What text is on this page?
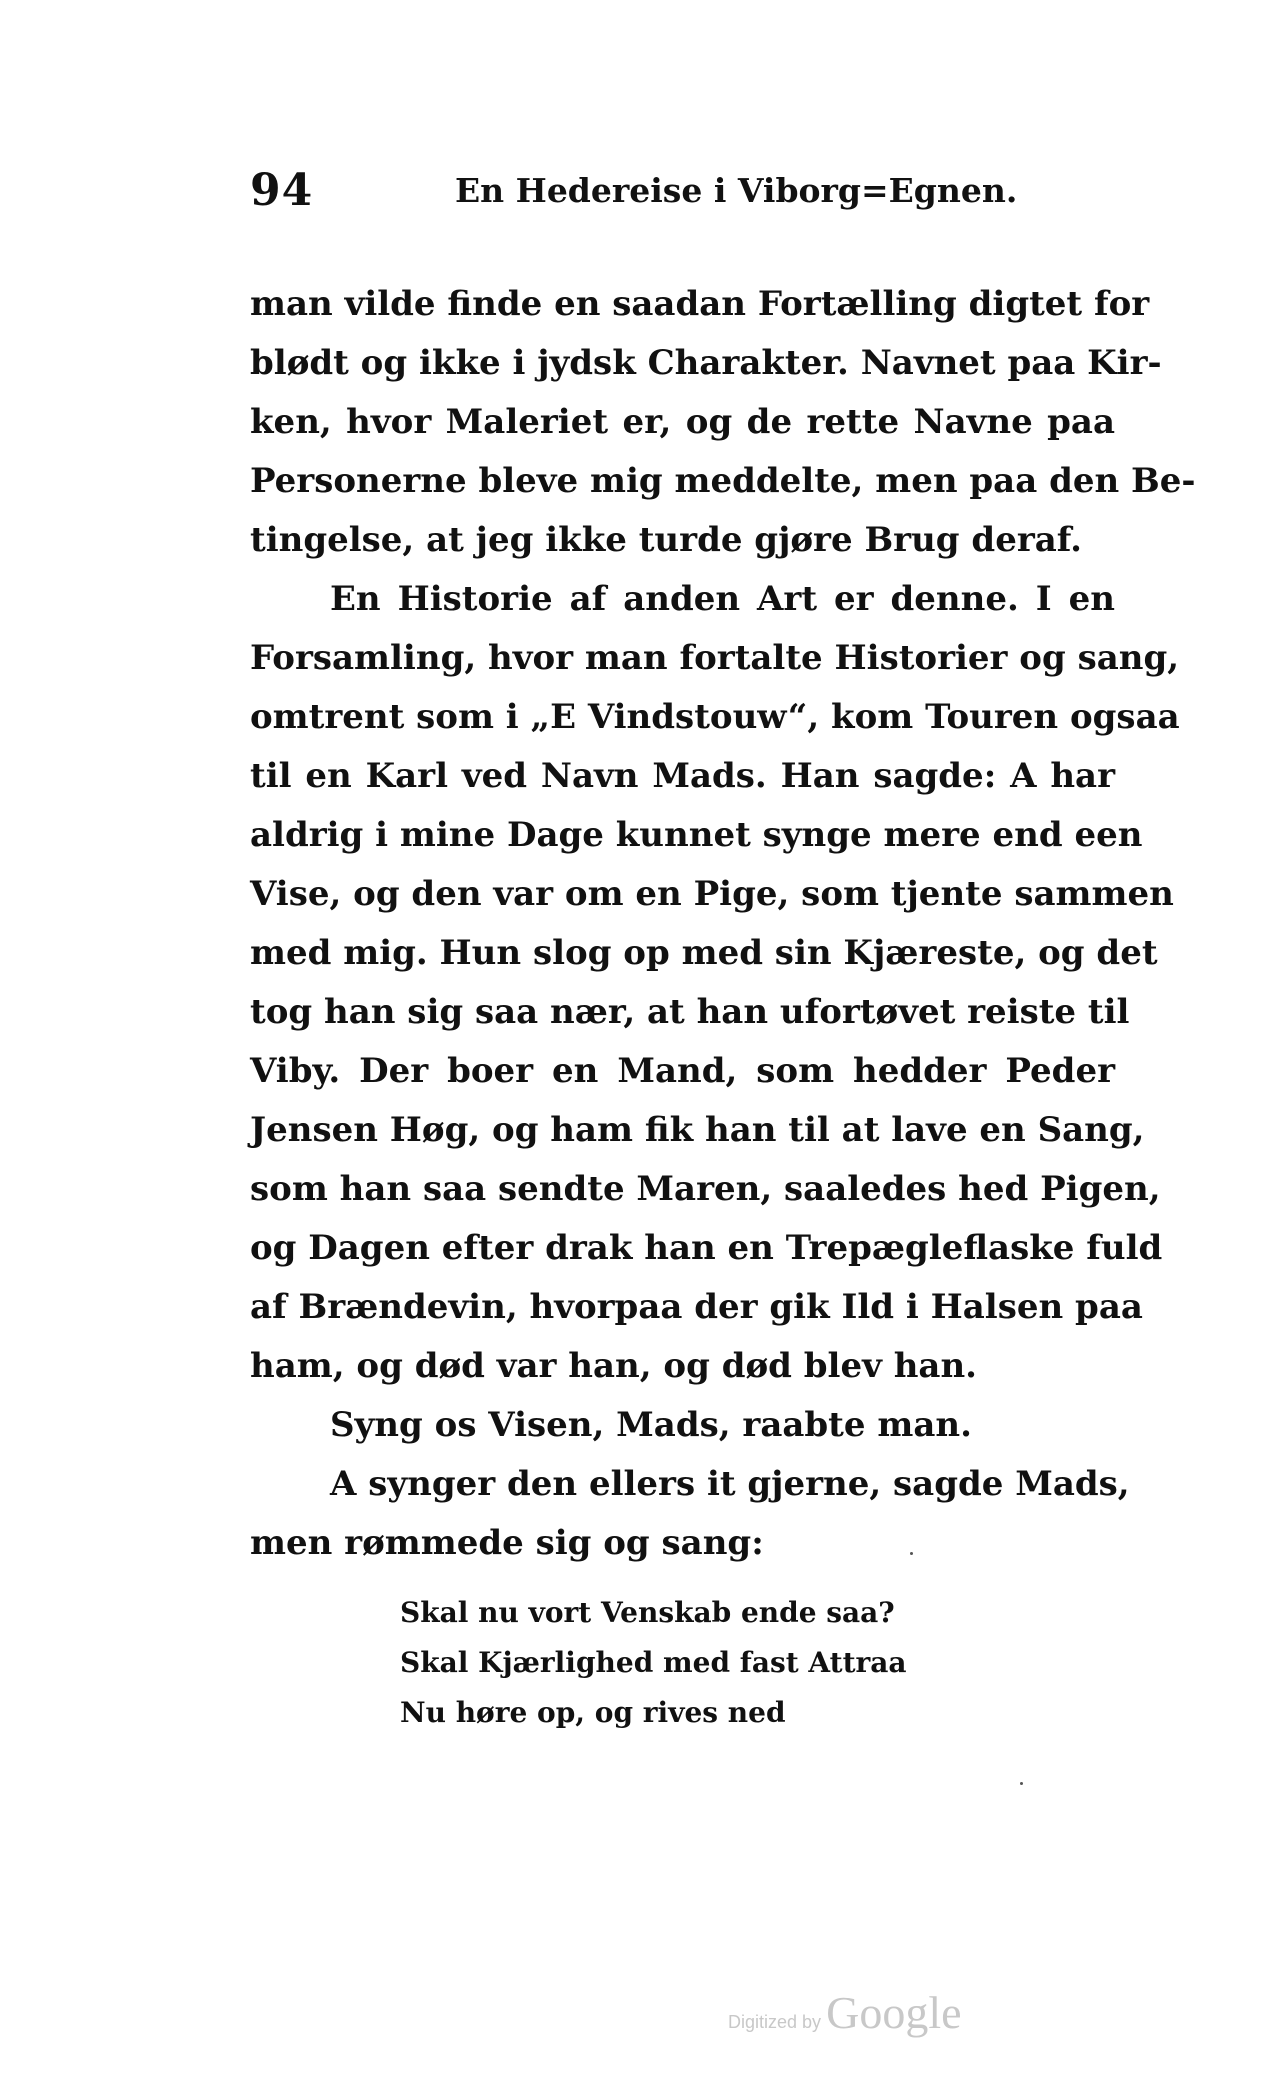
94	En Hedereise i Viborg=Egnen.
man vilde finde en saadan Fortælling digtet for
blødt og ikke i jydsk Charakter. Navnet paa Kir-
ken, hvor Maleriet er, og de rette Navne paa
Personerne bleve mig meddelte, men paa den Be-
tingelse, at jeg ikke turde gjøre Brug deraf.
En Historie af anden Art er denne. I en
Forsamling, hvor man fortalte Historier og sang,
omtrent som i „E Vindstouw“, kom Touren ogsaa
til en Karl ved Navn Mads. Han sagde: A har
aldrig i mine Dage kunnet synge mere end een
Vise, og den var om en Pige, som tjente sammen
med mig. Hun slog op med sin Kjæreste, og det
tog han sig saa nær, at han ufortøvet reiste til
Viby. Der boer en Mand, som hedder Peder
Jensen Høg, og ham fik han til at lave en Sang,
som han saa sendte Maren, saaledes hed Pigen,
og Dagen efter drak han en Trepægleflaske fuld
af Brændevin, hvorpaa der gik Ild i Halsen paa
ham, og død var han, og død blev han.
Syng os Visen, Mads, raabte man.
A synger den ellers it gjerne, sagde Mads,
men rømmede sig og sang:
Skal nu vort Venskab ende saa?
Skal Kjærlighed med fast Attraa
Nu høre op, og rives ned
Digitized by Google
